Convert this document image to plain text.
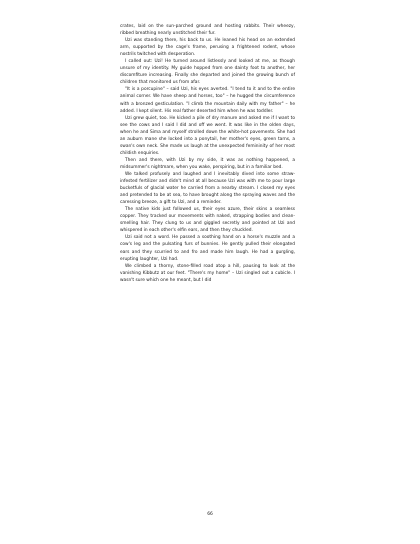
crates, laid on the sun-parched ground and hosting rabbits. Their wheezy, ribbed breathing nearly unstitched their fur.

Uzi was standing there, his back to us. He leaned his head on an extended arm, supported by the cage's frame, perusing a frightened rodent, whose nostrils twitched with desperation.

I called out: Uzi! He turned around listlessly and looked at me, as though unsure of my identity. My guide hopped from one dainty foot to another, her discomfiture increasing. Finally she departed and joined the growing bunch of children that monitored us from afar.

"It is a porcupine" – said Uzi, his eyes averted. "I tend to it and to the entire animal corner. We have sheep and horses, too" – he hugged the circumference with a bronzed gesticulation. "I climb the mountain daily with my father" – he added. I kept silent. His real father deserted him when he was toddler.

Uzi grew quiet, too. He kicked a pile of dry manure and asked me if I want to see the cows and I said I did and off we went. It was like in the olden days, when he and Sima and myself strolled down the white-hot pavements. She had an auburn mane she locked into a ponytail, her mother's eyes, green tarns, a swan's own neck. She made us laugh at the unexpected femininity of her most childish enquiries.

Then and there, with Uzi by my side, it was as nothing happened, a midsummer's nightmare, when you wake, perspiring, but in a familiar bed.

We talked profusely and laughed and I inevitably dived into some straw-infested fertilizer and didn't mind at all because Uzi was with me to pour large bucketfuls of glacial water he carried from a nearby stream. I closed my eyes and pretended to be at sea, to have brought along the spraying waves and the caressing breeze, a gift to Uzi, and a reminder.

The native kids just followed us, their eyes azure, their skins a seamless copper. They tracked our movements with naked, strapping bodies and clean-smelling hair. They clung to us and giggled secretly and pointed at Uzi and whispered in each other's elfin ears, and then they chuckled.

Uzi said not a word. He passed a soothing hand on a horse's muzzle and a cow's leg and the pulsating furs of bunnies. He gently pulled their elongated ears and they scurried to and fro and made him laugh. He had a gurgling, erupting laughter, Uzi had.

We climbed a thorny, stone-filled road atop a hill, pausing to look at the vanishing Kibbutz at our feet. "There's my home" – Uzi singled out a cubicle. I wasn't sure which one he meant, but I did

66
